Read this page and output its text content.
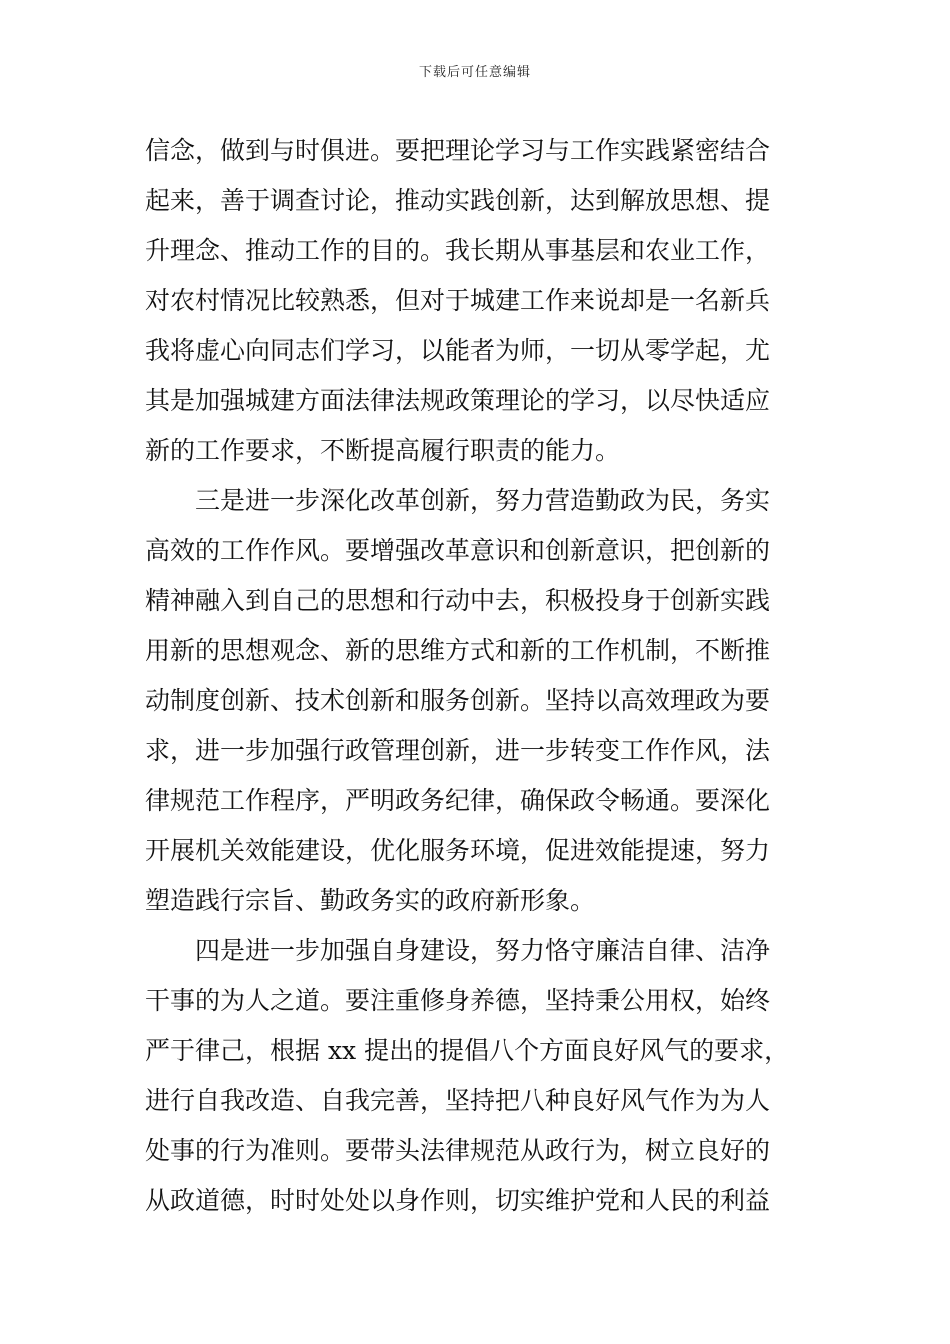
下载后可任意编辑
信念，做到与时俱进。要把理论学习与工作实践紧密结合
起来，善于调查讨论，推动实践创新，达到解放思想、提
升理念、推动工作的目的。我长期从事基层和农业工作，
对农村情况比较熟悉，但对于城建工作来说却是一名新兵
我将虚心向同志们学习，以能者为师，一切从零学起，尤
其是加强城建方面法律法规政策理论的学习，以尽快适应
新的工作要求，不断提高履行职责的能力。
　　三是进一步深化改革创新，努力营造勤政为民，务实
高效的工作作风。要增强改革意识和创新意识，把创新的
精神融入到自己的思想和行动中去，积极投身于创新实践
用新的思想观念、新的思维方式和新的工作机制，不断推
动制度创新、技术创新和服务创新。坚持以高效理政为要
求，进一步加强行政管理创新，进一步转变工作作风，法
律规范工作程序，严明政务纪律，确保政令畅通。要深化
开展机关效能建设，优化服务环境，促进效能提速，努力
塑造践行宗旨、勤政务实的政府新形象。
　　四是进一步加强自身建设，努力恪守廉洁自律、洁净
干事的为人之道。要注重修身养德，坚持秉公用权，始终
严于律己，根据 xx 提出的提倡八个方面良好风气的要求，
进行自我改造、自我完善，坚持把八种良好风气作为为人
处事的行为准则。要带头法律规范从政行为，树立良好的
从政道德，时时处处以身作则，切实维护党和人民的利益
